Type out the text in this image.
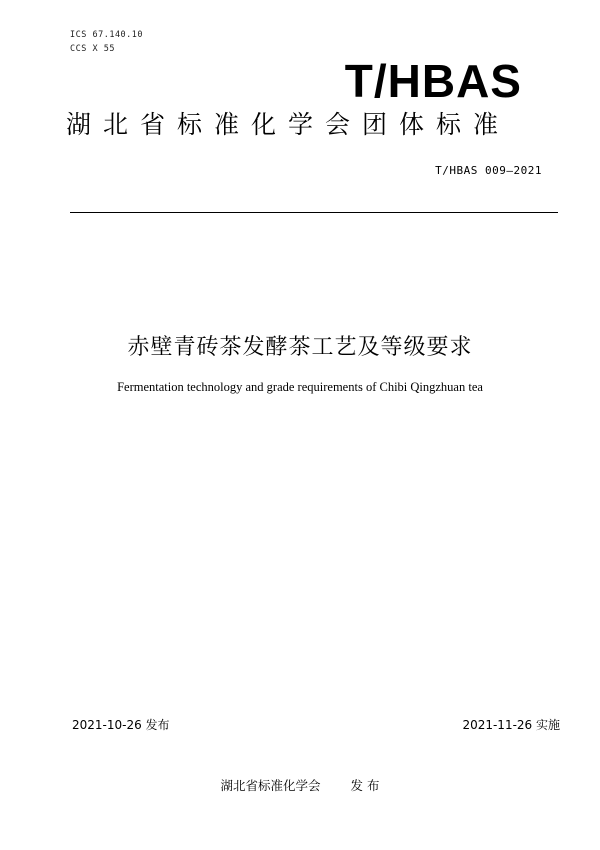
ICS 67.140.10
CCS X 55
T/HBAS
湖北省标准化学会团体标准
T/HBAS 009—2021
赤壁青砖茶发酵茶工艺及等级要求
Fermentation technology and grade requirements of Chibi Qingzhuan tea
2021-10-26 发布	2021-11-26 实施
湖北省标准化学会 发 布
